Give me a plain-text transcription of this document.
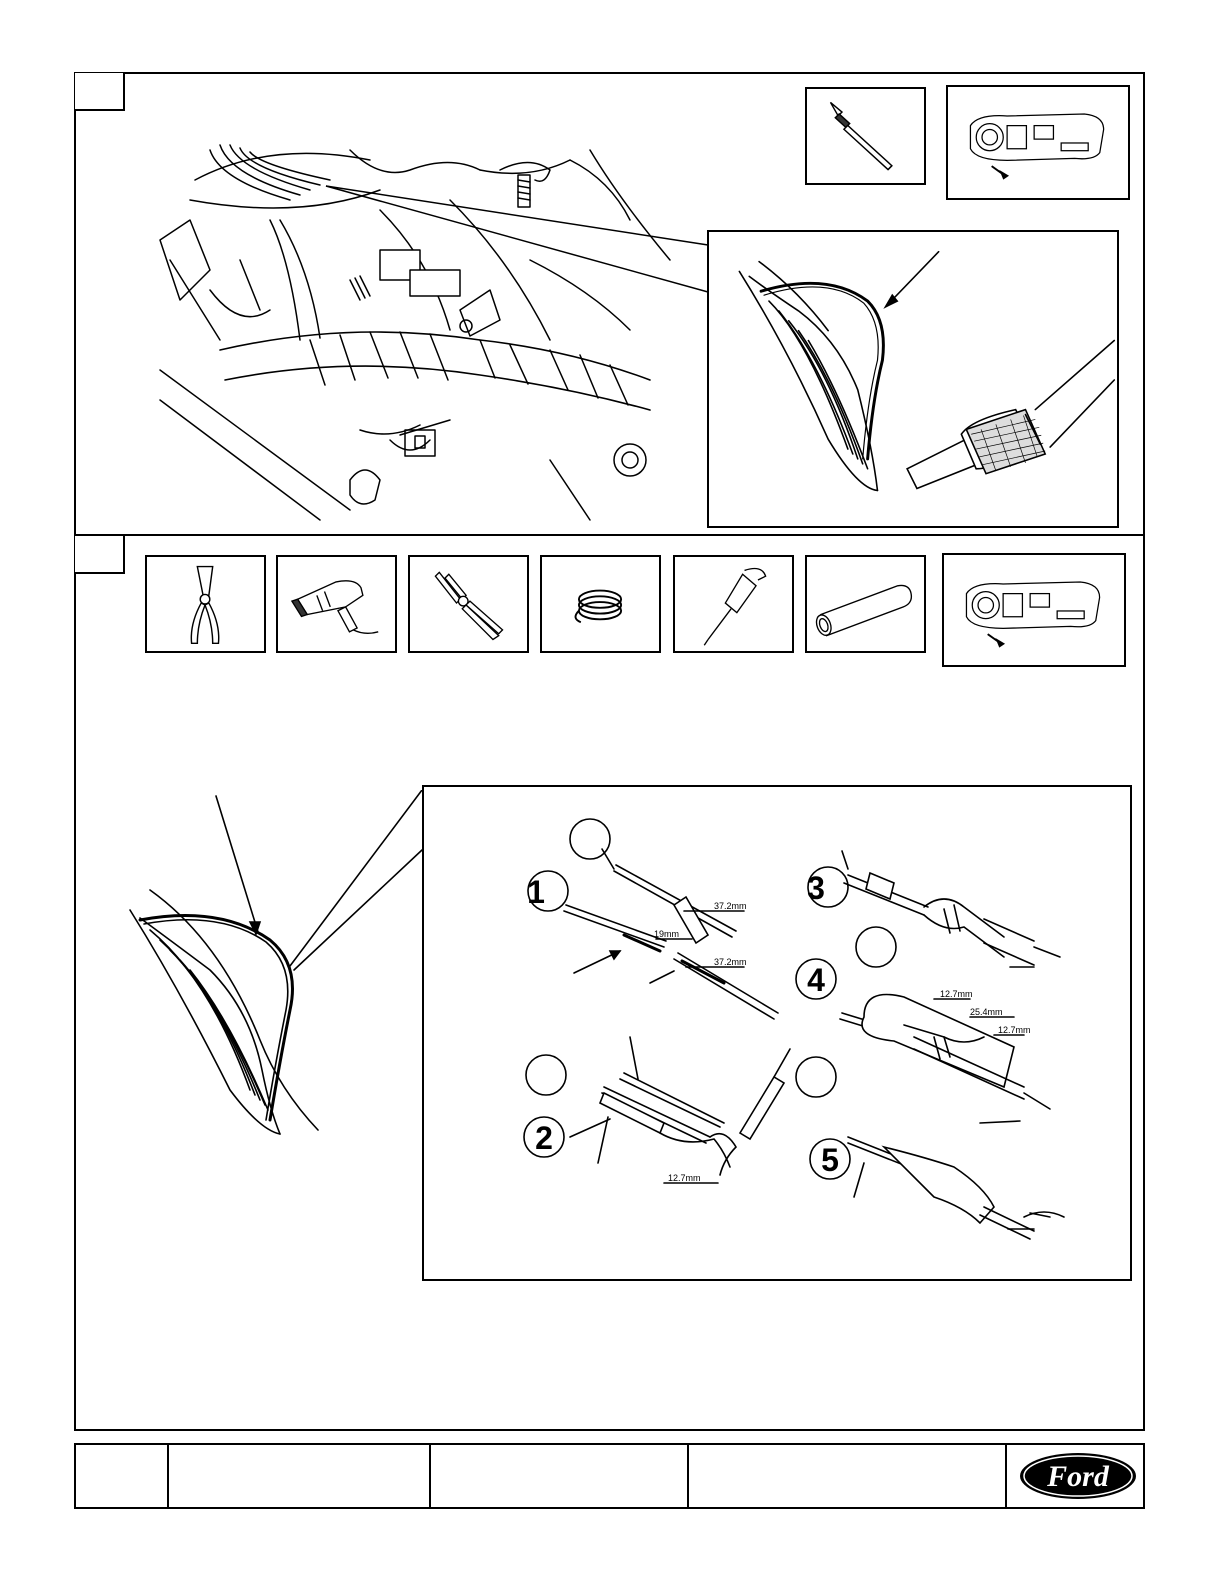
1
2
3
4
5
37.2mm
19mm
37.2mm
12.7mm
12.7mm
25.4mm
12.7mm
Ford
